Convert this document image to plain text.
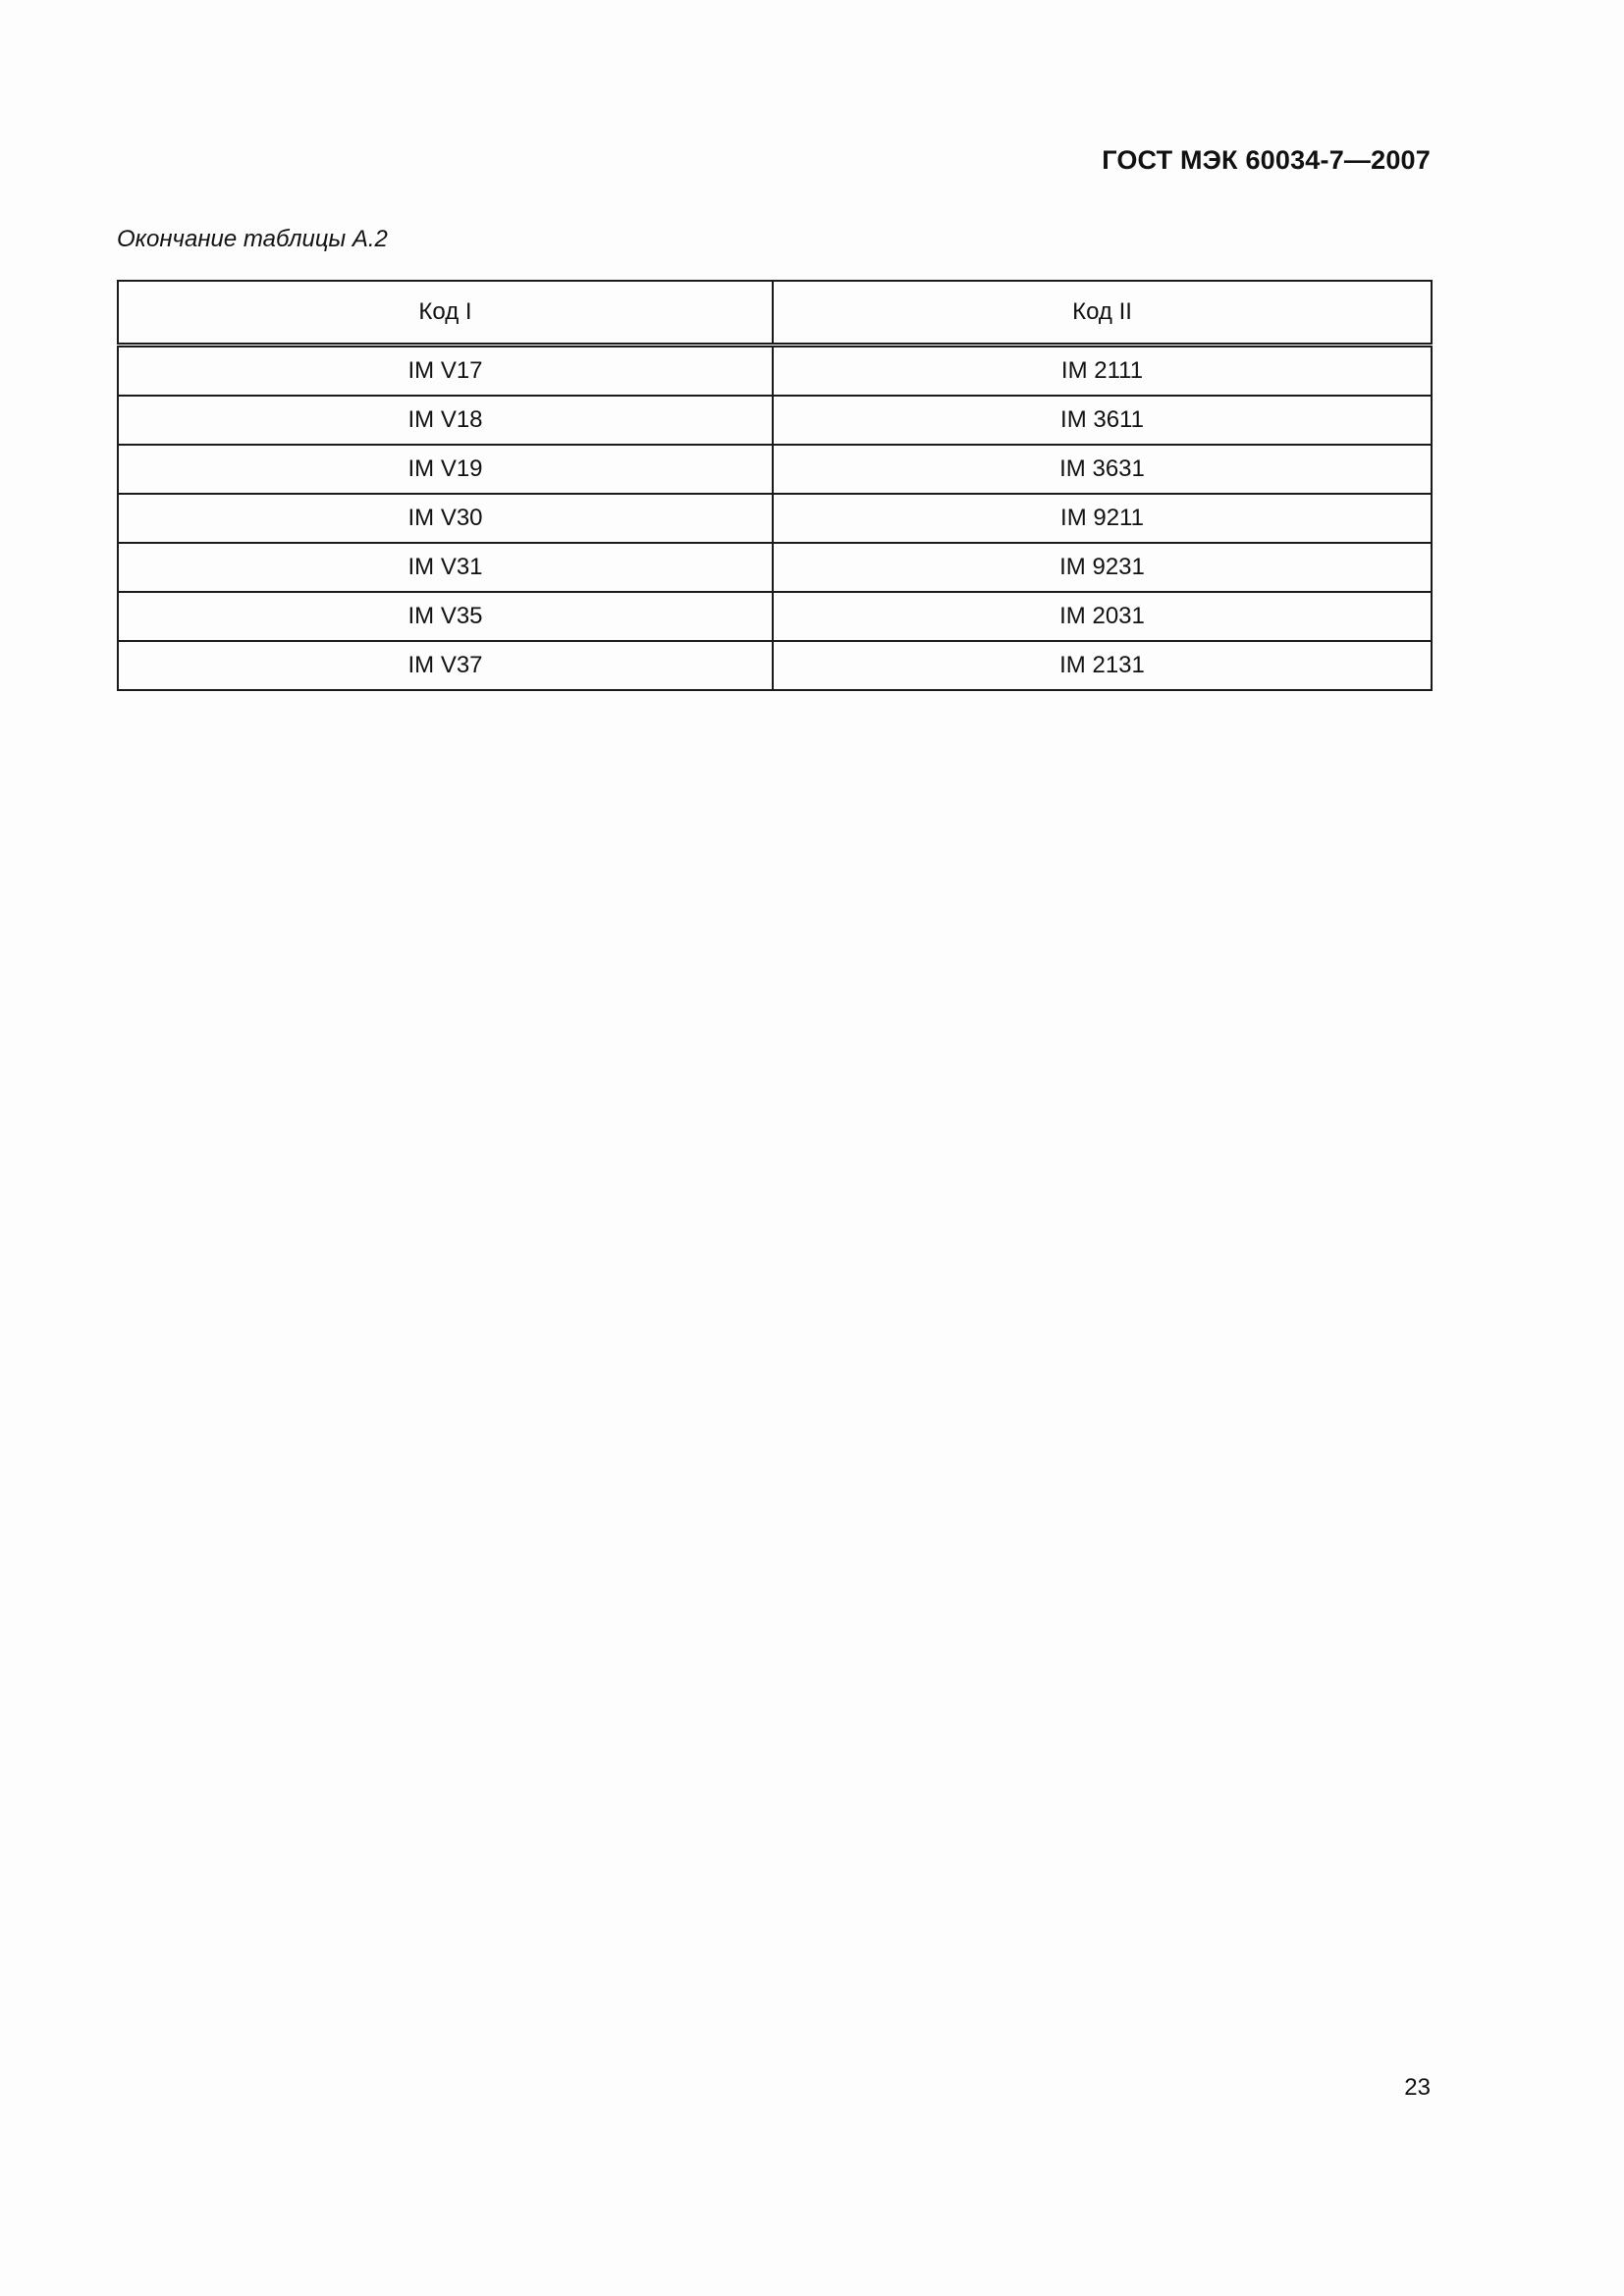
ГОСТ МЭК 60034-7—2007
Окончание таблицы А.2
Код I	Код II
IM V17	IM 2111
IM V18	IM 3611
IM V19	IM 3631
IM V30	IM 9211
IM V31	IM 9231
IM V35	IM 2031
IM V37	IM 2131
23
